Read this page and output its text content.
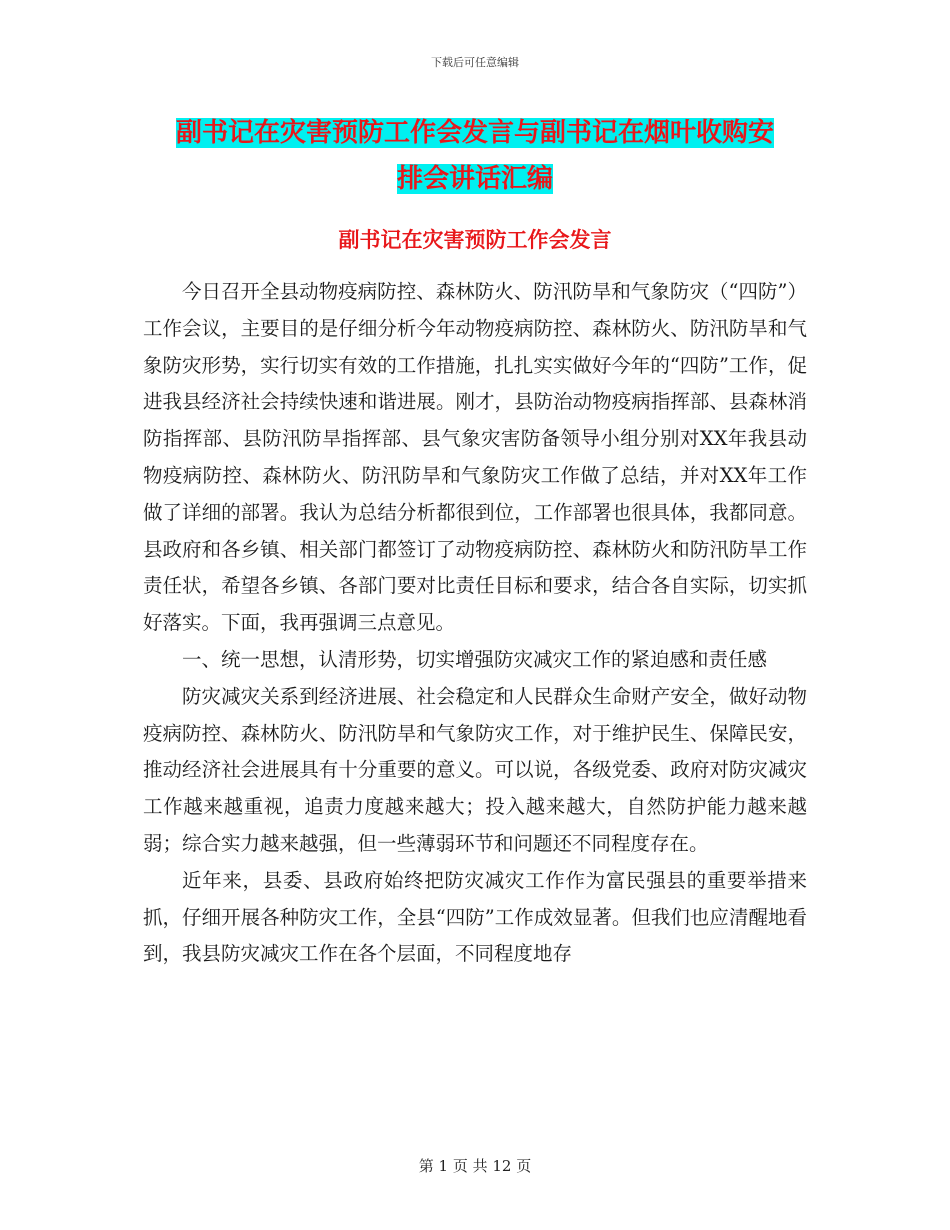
下载后可任意编辑
副书记在灾害预防工作会发言与副书记在烟叶收购安
排会讲话汇编
副书记在灾害预防工作会发言

今日召开全县动物疫病防控、森林防火、防汛防旱和气象防灾（“四防”）工作会议，主要目的是仔细分析今年动物疫病防控、森林防火、防汛防旱和气象防灾形势，实行切实有效的工作措施，扎扎实实做好今年的“四防”工作，促进我县经济社会持续快速和谐进展。刚才，县防治动物疫病指挥部、县森林消防指挥部、县防汛防旱指挥部、县气象灾害防备领导小组分别对XX年我县动物疫病防控、森林防火、防汛防旱和气象防灾工作做了总结，并对XX年工作做了详细的部署。我认为总结分析都很到位，工作部署也很具体，我都同意。县政府和各乡镇、相关部门都签订了动物疫病防控、森林防火和防汛防旱工作责任状，希望各乡镇、各部门要对比责任目标和要求，结合各自实际，切实抓好落实。下面，我再强调三点意见。

一、统一思想，认清形势，切实增强防灾减灾工作的紧迫感和责任感

防灾减灾关系到经济进展、社会稳定和人民群众生命财产安全，做好动物疫病防控、森林防火、防汛防旱和气象防灾工作，对于维护民生、保障民安，推动经济社会进展具有十分重要的意义。可以说，各级党委、政府对防灾减灾工作越来越重视，追责力度越来越大；投入越来越大，自然防护能力越来越弱；综合实力越来越强，但一些薄弱环节和问题还不同程度存在。

近年来，县委、县政府始终把防灾减灾工作作为富民强县的重要举措来抓，仔细开展各种防灾工作，全县“四防”工作成效显著。但我们也应清醒地看到，我县防灾减灾工作在各个层面，不同程度地存

第 1 页 共 12 页
